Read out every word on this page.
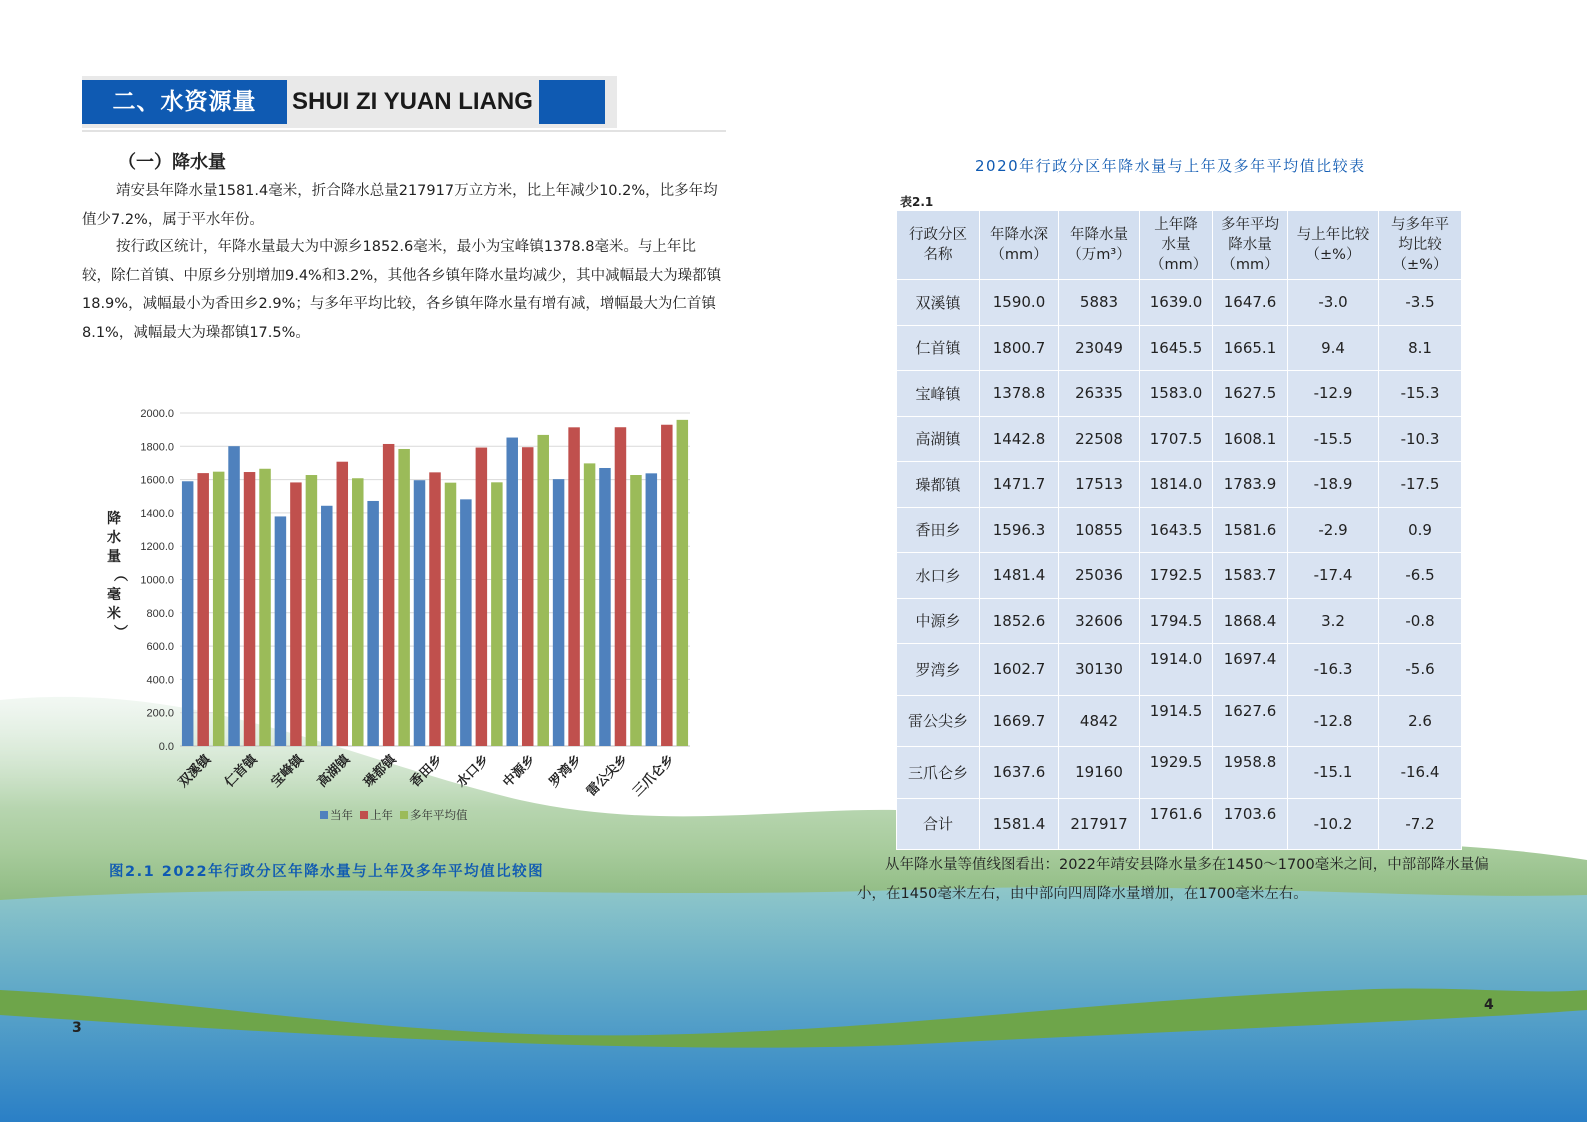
二、水资源量	SHUI ZI YUAN LIANG
（一）降水量
靖安县年降水量1581.4毫米，折合降水总量217917万立方米，比上年减少10.2%，比多年均值少7.2%，属于平水年份。
按行政区统计，年降水量最大为中源乡1852.6毫米，最小为宝峰镇1378.8毫米。与上年比较，除仁首镇、中原乡分别增加9.4%和3.2%，其他各乡镇年降水量均减少，其中减幅最大为璪都镇18.9%，减幅最小为香田乡2.9%；与多年平均比较，各乡镇年降水量有增有减，增幅最大为仁首镇8.1%，减幅最大为璪都镇17.5%。
0.0
200.0
400.0
600.0
800.0
1000.0
1200.0
1400.0
1600.0
1800.0
2000.0
降水量︵毫米︶
双溪镇 仁首镇 宝峰镇 高湖镇 璪都镇 香田乡 水口乡 中源乡 罗湾乡
雷公尖乡
三爪仑乡
当年 上年 多年平均值
图2.1 2022年行政分区年降水量与上年及多年平均值比较图
2020年行政分区年降水量与上年及多年平均值比较表
表2.1
行政分区名称	年降水深（mm）	年降水量（万m³）	上年降水量（mm）	多年平均降水量（mm）	与上年比较（±%）	与多年平均比较（±%）
双溪镇	1590.0	5883	1639.0	1647.6	-3.0	-3.5
仁首镇	1800.7	23049	1645.5	1665.1	9.4	8.1
宝峰镇	1378.8	26335	1583.0	1627.5	-12.9	-15.3
高湖镇	1442.8	22508	1707.5	1608.1	-15.5	-10.3
璪都镇	1471.7	17513	1814.0	1783.9	-18.9	-17.5
香田乡	1596.3	10855	1643.5	1581.6	-2.9	0.9
水口乡	1481.4	25036	1792.5	1583.7	-17.4	-6.5
中源乡	1852.6	32606	1794.5	1868.4	3.2	-0.8
罗湾乡	1602.7	30130	1914.0	1697.4	-16.3	-5.6
雷公尖乡	1669.7	4842	1914.5	1627.6	-12.8	2.6
三爪仑乡	1637.6	19160	1929.5	1958.8	-15.1	-16.4
合计	1581.4	217917	1761.6	1703.6	-10.2	-7.2
从年降水量等值线图看出：2022年靖安县降水量多在1450～1700毫米之间，中部部降水量偏小，在1450毫米左右，由中部向四周降水量增加，在1700毫米左右。
3
4
